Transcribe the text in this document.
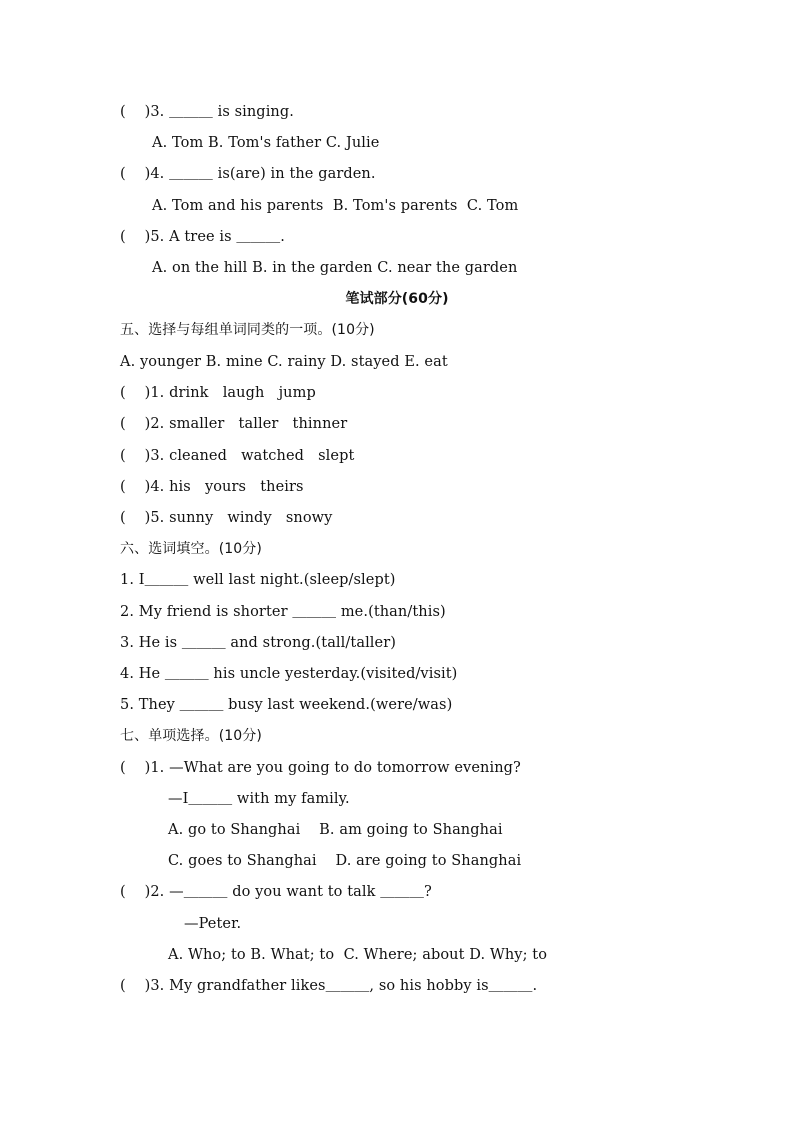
(    )3. ＿＿＿ is singing.
A. Tom B. Tom's father C. Julie
(    )4. ＿＿＿ is(are) in the garden.
A. Tom and his parents  B. Tom's parents  C. Tom
(    )5. A tree is ＿＿＿.
A. on the hill B. in the garden C. near the garden
笔试部分(60分)
五、选择与每组单词同类的一项。(10分)
A. younger B. mine C. rainy D. stayed E. eat
(    )1. drink   laugh   jump
(    )2. smaller   taller   thinner
(    )3. cleaned   watched   slept
(    )4. his   yours   theirs
(    )5. sunny   windy   snowy
六、选词填空。(10分)
1. I＿＿＿ well last night.(sleep/slept)
2. My friend is shorter ＿＿＿ me.(than/this)
3. He is ＿＿＿ and strong.(tall/taller)
4. He ＿＿＿ his uncle yesterday.(visited/visit)
5. They ＿＿＿ busy last weekend.(were/was)
七、单项选择。(10分)
(    )1. —What are you going to do tomorrow evening?
—I＿＿＿ with my family.
A. go to Shanghai    B. am going to Shanghai
C. goes to Shanghai    D. are going to Shanghai
(    )2. —＿＿＿ do you want to talk ＿＿＿?
—Peter.
A. Who; to B. What; to  C. Where; about D. Why; to
(    )3. My grandfather likes＿＿＿, so his hobby is＿＿＿.
